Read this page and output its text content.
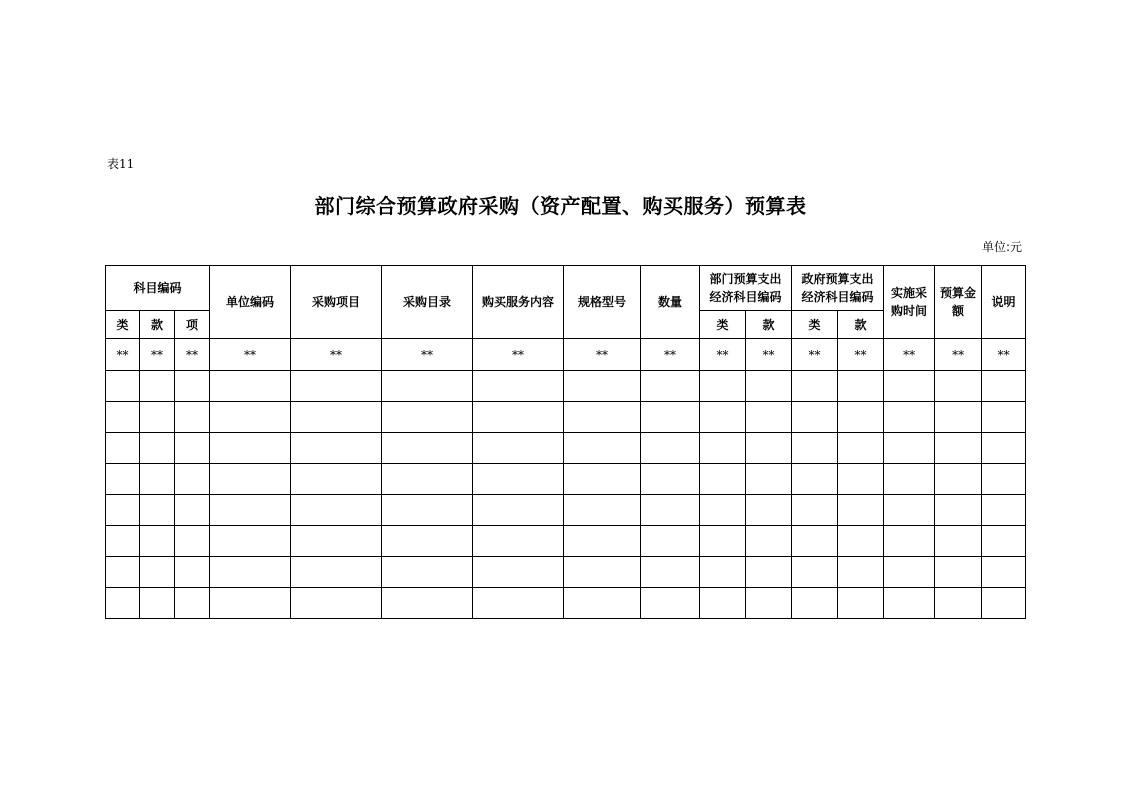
表11
部门综合预算政府采购（资产配置、购买服务）预算表
单位:元
科目编码			单位编码	采购项目	采购目录	购买服务内容	规格型号	数量	部门预算支出经济科目编码		政府预算支出经济科目编码		实施采购时间	预算金额	说明
类	款	项							类	款	类	款			
**	**	**	**	**	**	**	**	**	**	**	**	**	**	**	**
